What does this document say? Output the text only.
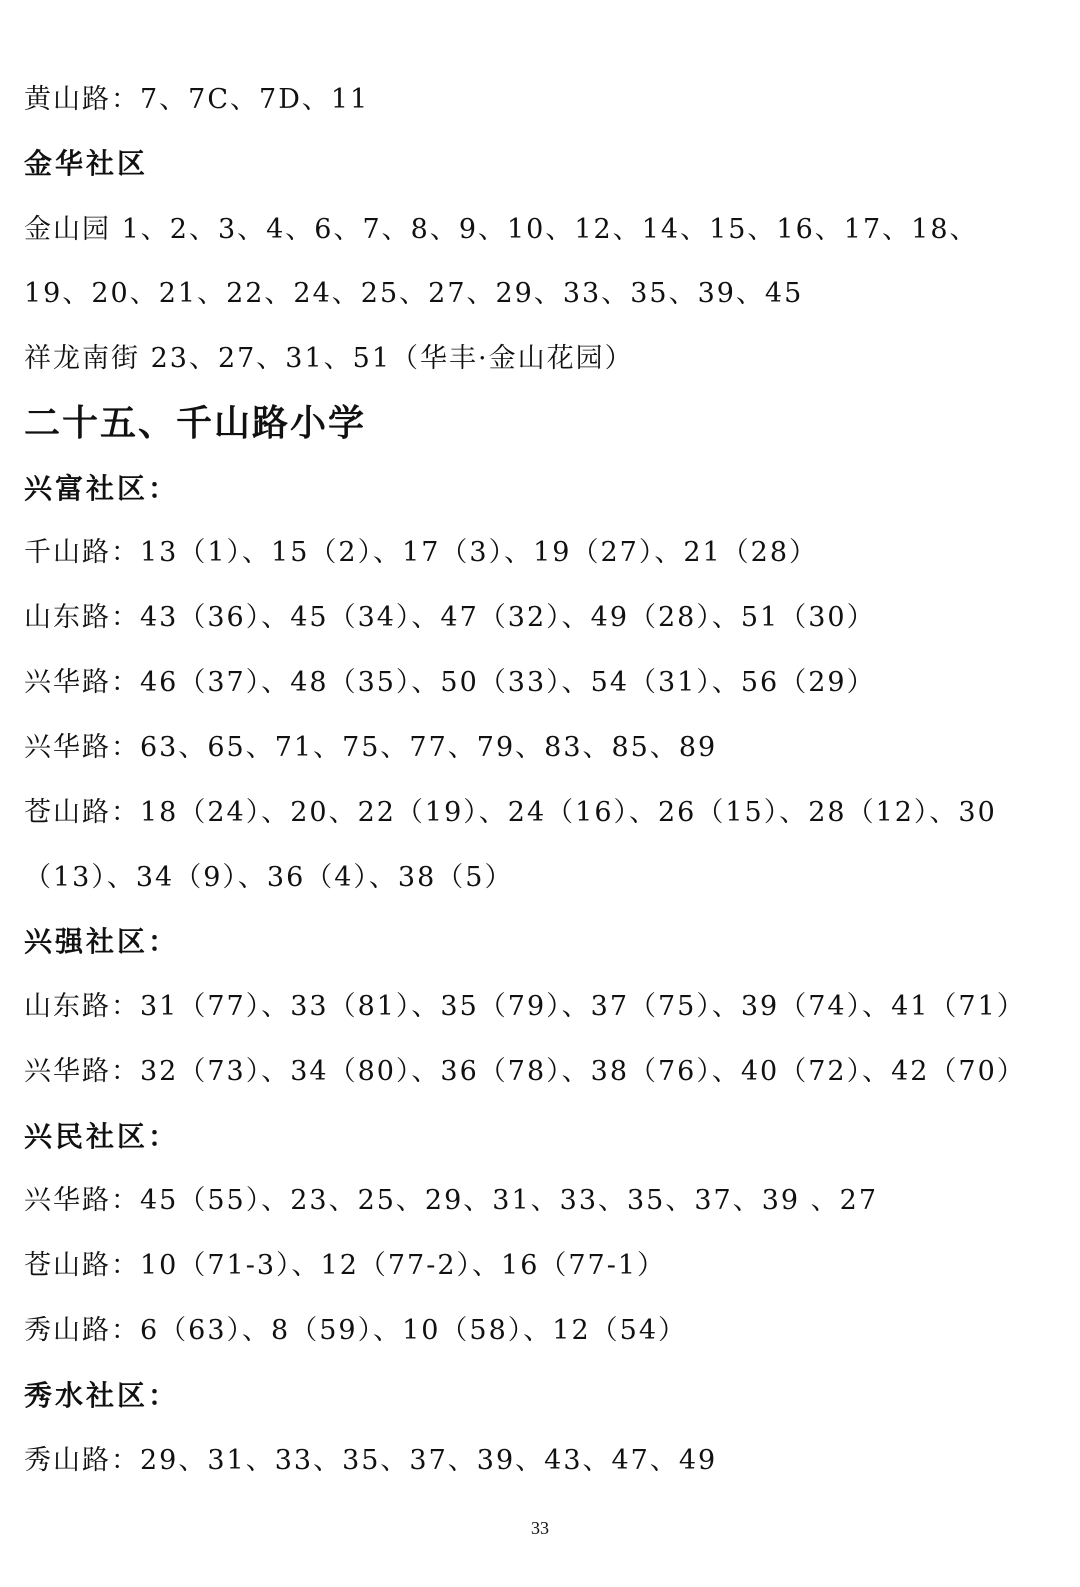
黄山路：7、7C、7D、11
金华社区
金山园 1、2、3、4、6、7、8、9、10、12、14、15、16、17、18、
19、20、21、22、24、25、27、29、33、35、39、45
祥龙南街 23、27、31、51（华丰·金山花园）
二十五、千山路小学
兴富社区：
千山路：13（1）、15（2）、17（3）、19（27）、21（28）
山东路：43（36）、45（34）、47（32）、49（28）、51（30）
兴华路：46（37）、48（35）、50（33）、54（31）、56（29）
兴华路：63、65、71、75、77、79、83、85、89
苍山路：18（24）、20、22（19）、24（16）、26（15）、28（12）、30
（13）、34（9）、36（4）、38（5）
兴强社区：
山东路：31（77）、33（81）、35（79）、37（75）、39（74）、41（71）
兴华路：32（73）、34（80）、36（78）、38（76）、40（72）、42（70）
兴民社区：
兴华路：45（55）、23、25、29、31、33、35、37、39 、27
苍山路：10（71-3）、12（77-2）、16（77-1）
秀山路：6（63）、8（59）、10（58）、12（54）
秀水社区：
秀山路：29、31、33、35、37、39、43、47、49
33
